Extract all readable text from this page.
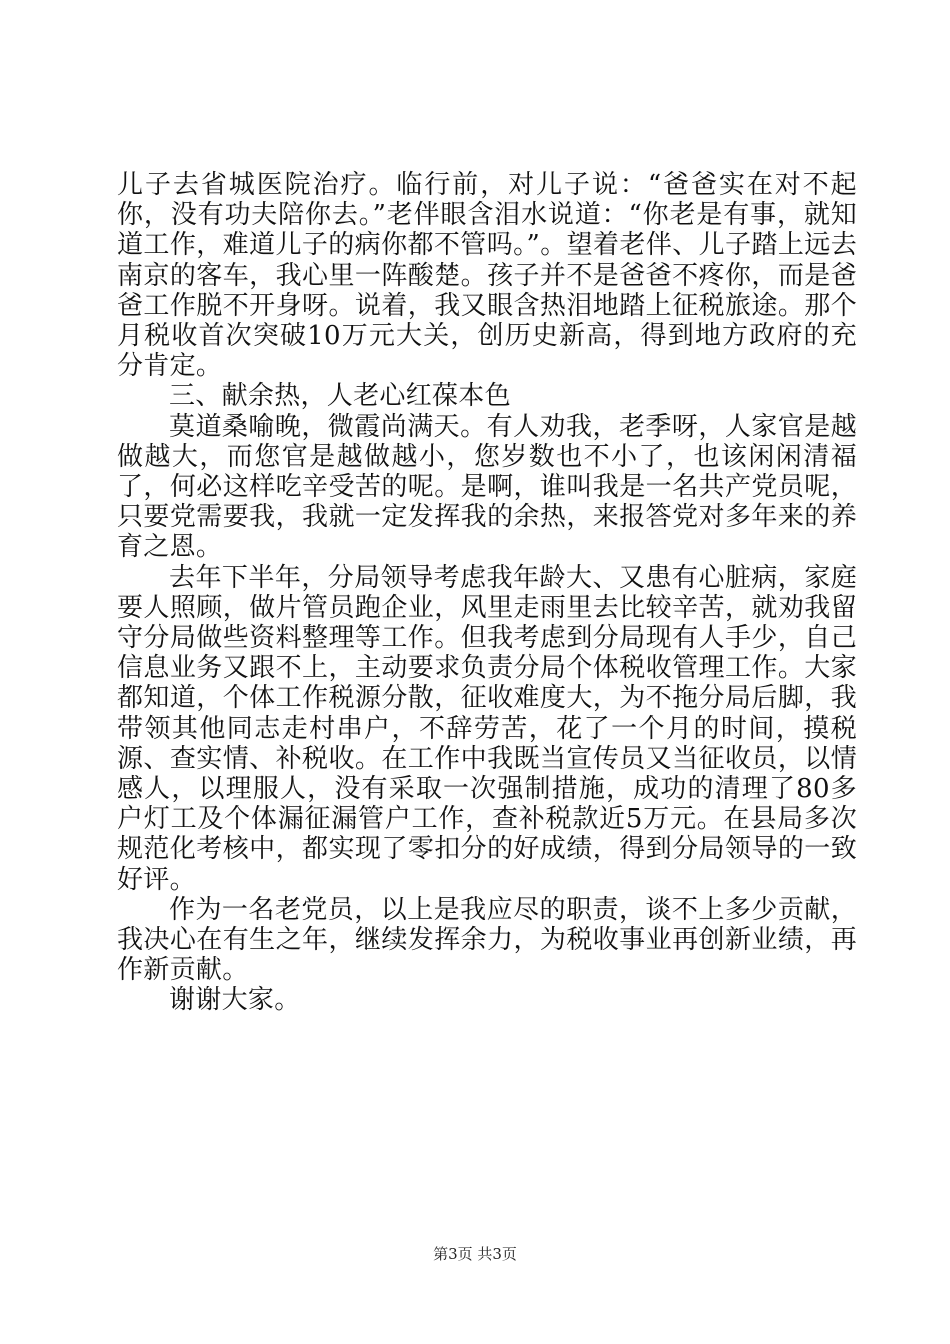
儿子去省城医院治疗。临行前，对儿子说：“爸爸实在对不起你，没有功夫陪你去。”老伴眼含泪水说道：“你老是有事，就知道工作，难道儿子的病你都不管吗。”。望着老伴、儿子踏上远去南京的客车，我心里一阵酸楚。孩子并不是爸爸不疼你，而是爸爸工作脱不开身呀。说着，我又眼含热泪地踏上征税旅途。那个月税收首次突破10万元大关，创历史新高，得到地方政府的充分肯定。

三、献余热，人老心红葆本色

莫道桑喻晚，微霞尚满天。有人劝我，老季呀，人家官是越做越大，而您官是越做越小，您岁数也不小了，也该闲闲清福了，何必这样吃辛受苦的呢。是啊，谁叫我是一名共产党员呢，只要党需要我，我就一定发挥我的余热，来报答党对多年来的养育之恩。

去年下半年，分局领导考虑我年龄大、又患有心脏病，家庭要人照顾，做片管员跑企业，风里走雨里去比较辛苦，就劝我留守分局做些资料整理等工作。但我考虑到分局现有人手少，自己信息业务又跟不上，主动要求负责分局个体税收管理工作。大家都知道，个体工作税源分散，征收难度大，为不拖分局后脚，我带领其他同志走村串户，不辞劳苦，花了一个月的时间，摸税源、查实情、补税收。在工作中我既当宣传员又当征收员，以情感人，以理服人，没有采取一次强制措施，成功的清理了80多户灯工及个体漏征漏管户工作，查补税款近5万元。在县局多次规范化考核中，都实现了零扣分的好成绩，得到分局领导的一致好评。

作为一名老党员，以上是我应尽的职责，谈不上多少贡献，我决心在有生之年，继续发挥余力，为税收事业再创新业绩，再作新贡献。

谢谢大家。

第3页 共3页
